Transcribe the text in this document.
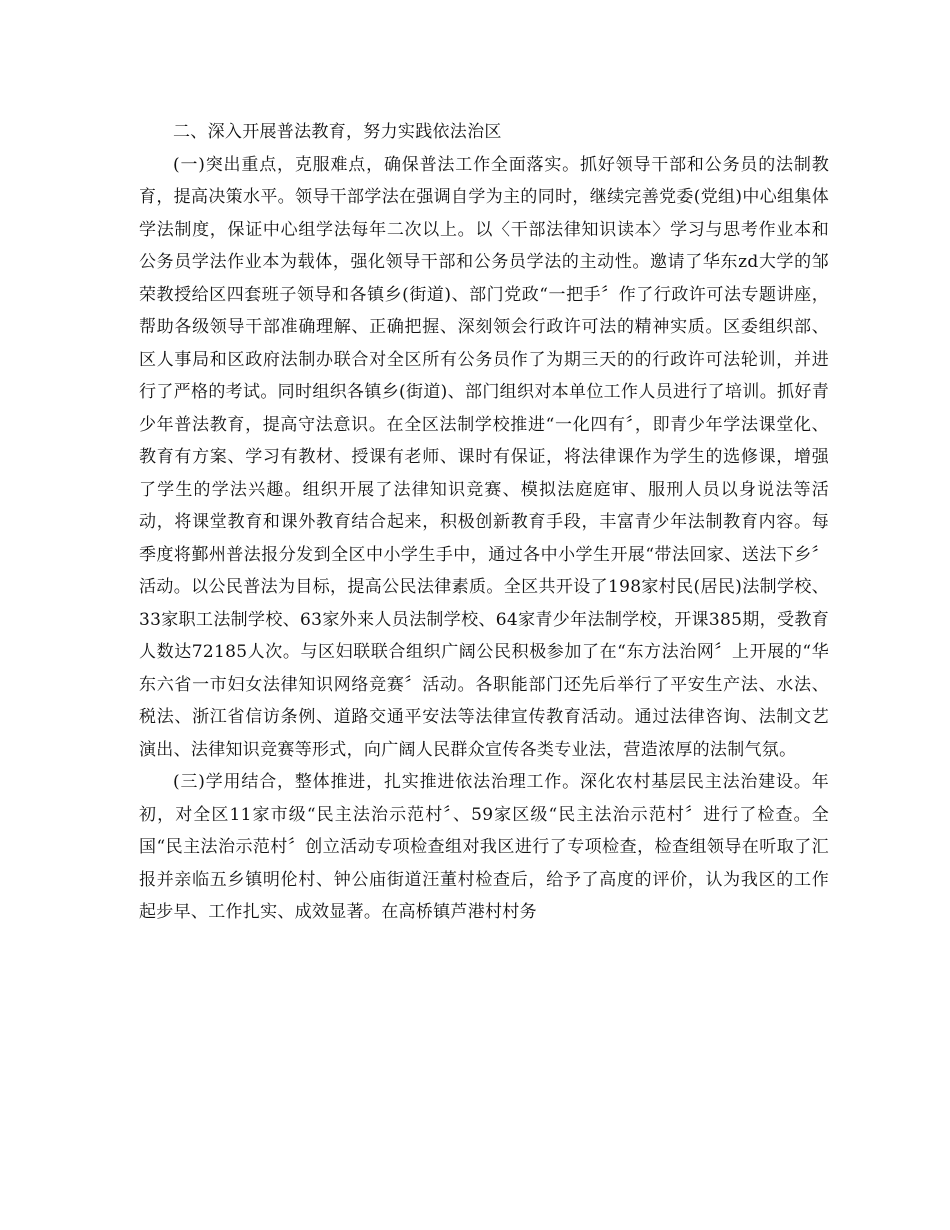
二、深入开展普法教育，努力实践依法治区

(一)突出重点，克服难点，确保普法工作全面落实。抓好领导干部和公务员的法制教育，提高决策水平。领导干部学法在强调自学为主的同时，继续完善党委(党组)中心组集体学法制度，保证中心组学法每年二次以上。以〈干部法律知识读本〉学习与思考作业本和公务员学法作业本为载体，强化领导干部和公务员学法的主动性。邀请了华东zd大学的邹荣教授给区四套班子领导和各镇乡(街道)、部门党政“一把手〞作了行政许可法专题讲座，帮助各级领导干部准确理解、正确把握、深刻领会行政许可法的精神实质。区委组织部、区人事局和区政府法制办联合对全区所有公务员作了为期三天的的行政许可法轮训，并进行了严格的考试。同时组织各镇乡(街道)、部门组织对本单位工作人员进行了培训。抓好青少年普法教育，提高守法意识。在全区法制学校推进“一化四有〞，即青少年学法课堂化、教育有方案、学习有教材、授课有老师、课时有保证，将法律课作为学生的选修课，增强了学生的学法兴趣。组织开展了法律知识竞赛、模拟法庭庭审、服刑人员以身说法等活动，将课堂教育和课外教育结合起来，积极创新教育手段，丰富青少年法制教育内容。每季度将鄞州普法报分发到全区中小学生手中，通过各中小学生开展“带法回家、送法下乡〞活动。以公民普法为目标，提高公民法律素质。全区共开设了198家村民(居民)法制学校、33家职工法制学校、63家外来人员法制学校、64家青少年法制学校，开课385期，受教育人数达72185人次。与区妇联联合组织广阔公民积极参加了在“东方法治网〞上开展的“华东六省一市妇女法律知识网络竞赛〞活动。各职能部门还先后举行了平安生产法、水法、税法、浙江省信访条例、道路交通平安法等法律宣传教育活动。通过法律咨询、法制文艺演出、法律知识竞赛等形式，向广阔人民群众宣传各类专业法，营造浓厚的法制气氛。

(三)学用结合，整体推进，扎实推进依法治理工作。深化农村基层民主法治建设。年初，对全区11家市级“民主法治示范村〞、59家区级“民主法治示范村〞进行了检查。全国“民主法治示范村〞创立活动专项检查组对我区进行了专项检查，检查组领导在听取了汇报并亲临五乡镇明伦村、钟公庙街道汪董村检查后，给予了高度的评价，认为我区的工作起步早、工作扎实、成效显著。在高桥镇芦港村村务
